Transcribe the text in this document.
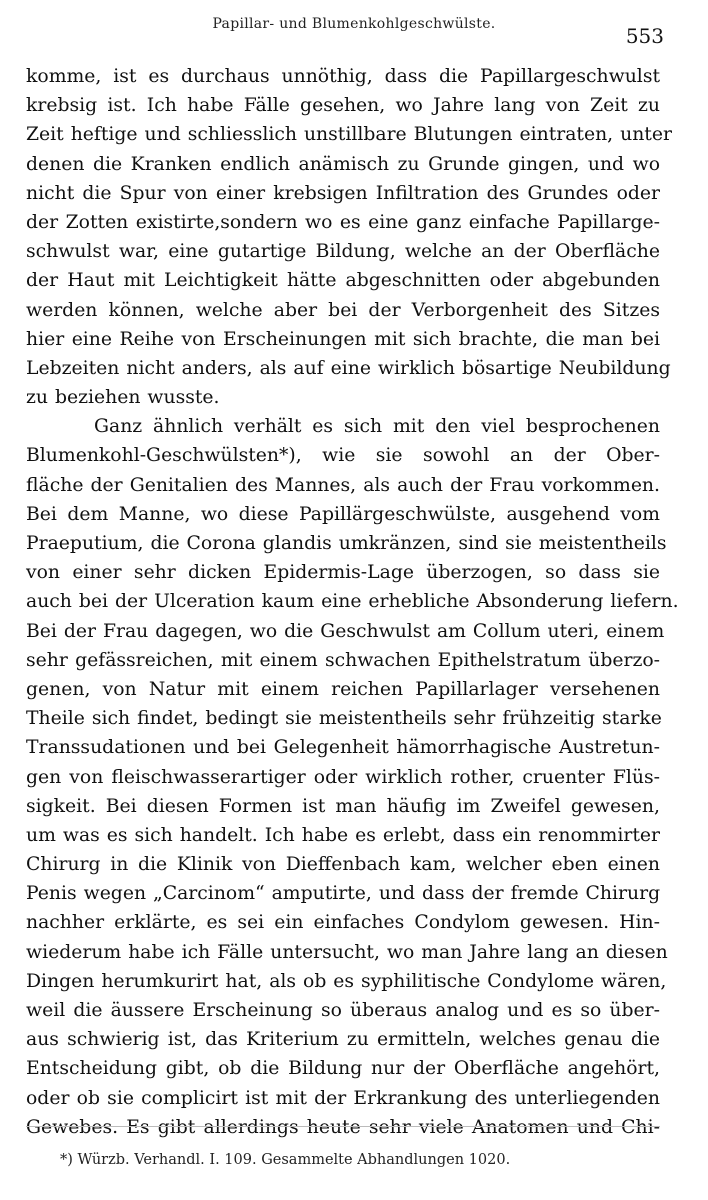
Papillar- und Blumenkohlgeschwülste.	553
komme, ist es durchaus unnöthig, dass die Papillargeschwulst
krebsig ist. Ich habe Fälle gesehen, wo Jahre lang von Zeit zu
Zeit heftige und schliesslich unstillbare Blutungen eintraten, unter
denen die Kranken endlich anämisch zu Grunde gingen, und wo
nicht die Spur von einer krebsigen Infiltration des Grundes oder
der Zotten existirte,sondern wo es eine ganz einfache Papillarge-
schwulst war, eine gutartige Bildung, welche an der Oberfläche
der Haut mit Leichtigkeit hätte abgeschnitten oder abgebunden
werden können, welche aber bei der Verborgenheit des Sitzes
hier eine Reihe von Erscheinungen mit sich brachte, die man bei
Lebzeiten nicht anders, als auf eine wirklich bösartige Neubildung
zu beziehen wusste.
Ganz ähnlich verhält es sich mit den viel besprochenen
Blumenkohl-Geschwülsten*), wie sie sowohl an der Ober-
fläche der Genitalien des Mannes, als auch der Frau vorkommen.
Bei dem Manne, wo diese Papillärgeschwülste, ausgehend vom
Praeputium, die Corona glandis umkränzen, sind sie meistentheils
von einer sehr dicken Epidermis-Lage überzogen, so dass sie
auch bei der Ulceration kaum eine erhebliche Absonderung liefern.
Bei der Frau dagegen, wo die Geschwulst am Collum uteri, einem
sehr gefässreichen, mit einem schwachen Epithelstratum überzo-
genen, von Natur mit einem reichen Papillarlager versehenen
Theile sich findet, bedingt sie meistentheils sehr frühzeitig starke
Transsudationen und bei Gelegenheit hämorrhagische Austretun-
gen von fleischwasserartiger oder wirklich rother, cruenter Flüs-
sigkeit. Bei diesen Formen ist man häufig im Zweifel gewesen,
um was es sich handelt. Ich habe es erlebt, dass ein renommirter
Chirurg in die Klinik von Dieffenbach kam, welcher eben einen
Penis wegen „Carcinom“ amputirte, und dass der fremde Chirurg
nachher erklärte, es sei ein einfaches Condylom gewesen. Hin-
wiederum habe ich Fälle untersucht, wo man Jahre lang an diesen
Dingen herumkurirt hat, als ob es syphilitische Condylome wären,
weil die äussere Erscheinung so überaus analog und es so über-
aus schwierig ist, das Kriterium zu ermitteln, welches genau die
Entscheidung gibt, ob die Bildung nur der Oberfläche angehört,
oder ob sie complicirt ist mit der Erkrankung des unterliegenden
Gewebes. Es gibt allerdings heute sehr viele Anatomen und Chi-
*) Würzb. Verhandl. I. 109. Gesammelte Abhandlungen 1020.
